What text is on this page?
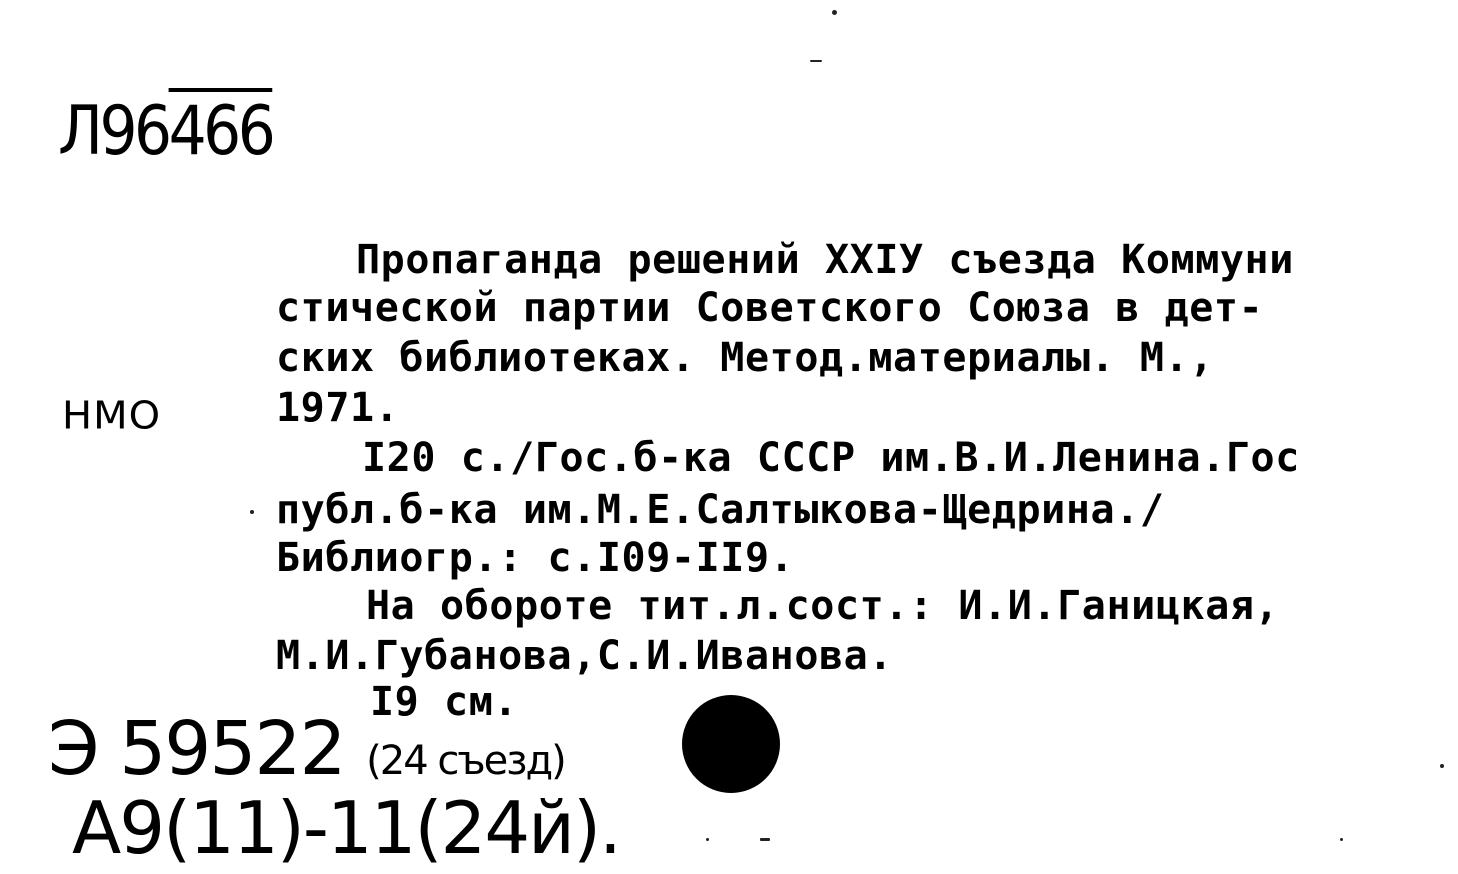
Л96466
НМО
Пропаганда решений ХХIУ съезда Коммуни
стической партии Советского Союза в дет-
ских библиотеках. Метод.материалы. М.,
1971.
I20 с./Гос.б-ка СССР им.В.И.Ленина.Гос
публ.б-ка им.М.Е.Салтыкова-Щедрина./
Библиогр.: с.I09-II9.
На обороте тит.л.сост.: И.И.Ганицкая,
М.И.Губанова,С.И.Иванова.
I9 см.
Э 59522 (24 съезд)
А9(11)-11(24й).
